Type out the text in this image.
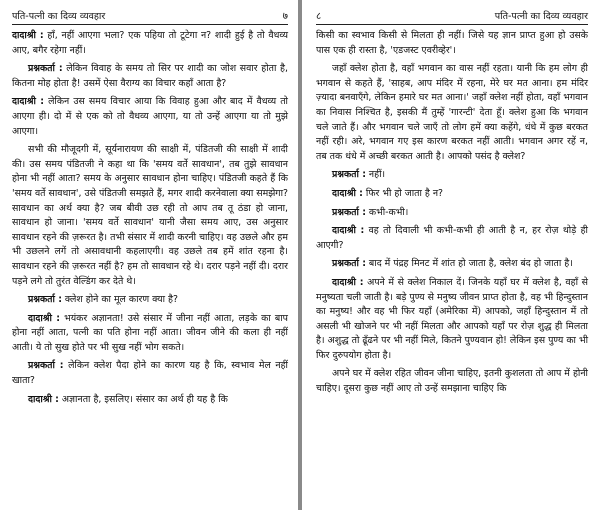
पति-पत्नी का दिव्य व्यवहार	७

दादाश्री : हाँ, नहीं आएगा भला? एक पहिया तो टूटेगा न? शादी हुई है तो वैधव्य आए, बगैर रहेगा नहीं।

प्रश्नकर्ता : लेकिन विवाह के समय तो सिर पर शादी का जोश सवार होता है, कितना मोह होता है! उसमें ऐसा वैराग्य का विचार कहाँ आता है?

दादाश्री : लेकिन उस समय विचार आया कि विवाह हुआ और बाद में वैधव्य तो आएगा ही। दो में से एक को तो वैधव्य आएगा, या तो उन्हें आएगा या तो मुझे आएगा।

सभी की मौजूदगी में, सूर्यनारायण की साक्षी में, पंडितजी की साक्षी में शादी की। उस समय पंडितजी ने कहा था कि 'समय वर्ते सावधान', तब तुझे सावधान होना भी नहीं आता? समय के अनुसार सावधान होना चाहिए। पंडितजी कहते हैं कि 'समय वर्ते सावधान', उसे पंडितजी समझते हैं, मगर शादी करनेवाला क्या समझेगा? सावधान का अर्थ क्या है? जब बीवी उछ रही तो आप तब तू ठंडा हो जाना, सावधान हो जाना। 'समय वर्ते सावधान' यानी जैसा समय आए, उस अनुसार सावधान रहने की ज़रूरत है। तभी संसार में शादी करनी चाहिए। वह उछले और हम भी उछलने लगें तो असावधानी कहलाएगी। वह उछले तब हमें शांत रहना है। सावधान रहने की ज़रूरत नहीं है? हम तो सावधान रहे थे। दरार पड़ने नहीं दी। दरार पड़ने लगे तो तुरंत वेल्डिंग कर देते थे।

प्रश्नकर्ता : क्लेश होने का मूल कारण क्या है?

दादाश्री : भयंकर अज्ञानता! उसे संसार में जीना नहीं आता, लड़के का बाप होना नहीं आता, पत्नी का पति होना नहीं आता। जीवन जीने की कला ही नहीं आती। ये तो सुख होते पर भी सुख नहीं भोग सकते।

प्रश्नकर्ता : लेकिन क्लेश पैदा होने का कारण यह है कि, स्वभाव मेल नहीं खाता?

दादाश्री : अज्ञानता है, इसलिए। संसार का अर्थ ही यह है कि

८	पति-पत्नी का दिव्य व्यवहार

किसी का स्वभाव किसी से मिलता ही नहीं। जिसे यह ज्ञान प्राप्त हुआ हो उसके पास एक ही रास्ता है, 'एडजस्ट एवरीव्हेर'।

जहाँ क्लेश होता है, वहाँ भगवान का वास नहीं रहता। यानी कि हम लोग ही भगवान से कहते हैं, 'साहब, आप मंदिर में रहना, मेरे घर मत आना। हम मंदिर ज़्यादा बनवाएँगे, लेकिन हमारे घर मत आना।' जहाँ क्लेश नहीं होता, वहाँ भगवान का निवास निश्चित है, इसकी मैं तुम्हें 'गारन्टी' देता हूँ। क्लेश हुआ कि भगवान चले जाते हैं। और भगवान चले जाएँ तो लोग हमें क्या कहेंगे, धंधे में कुछ बरकत नहीं रही। अरे, भगवान गए इस कारण बरकत नहीं आती। भगवान अगर रहें न, तब तक धंधे में अच्छी बरकत आती है। आपको पसंद है क्लेश?

प्रश्नकर्ता : नहीं।

दादाश्री : फिर भी हो जाता है न?

प्रश्नकर्ता : कभी-कभी।

दादाश्री : वह तो दिवाली भी कभी-कभी ही आती है न, हर रोज़ थोड़े ही आएगी?

प्रश्नकर्ता : बाद में पंद्रह मिनट में शांत हो जाता है, क्लेश बंद हो जाता है।

दादाश्री : अपने में से क्लेश निकाल दें। जिनके यहाँ घर में क्लेश है, वहाँ से मनुष्यता चली जाती है। बड़े पुण्य से मनुष्य जीवन प्राप्त होता है, वह भी हिन्दुस्तान का मनुष्य! और वह भी फिर यहाँ (अमेरिका में) आपको, जहाँ हिन्दुस्तान में तो असली भी खोजने पर भी नहीं मिलता और आपको यहाँ पर रोज़ शुद्ध ही मिलता है। अशुद्ध तो ढूँढने पर भी नहीं मिले, कितने पुण्यवान हो! लेकिन इस पुण्य का भी फिर दुरुपयोग होता है।

अपने घर में क्लेश रहित जीवन जीना चाहिए, इतनी कुशलता तो आप में होनी चाहिए। दूसरा कुछ नहीं आए तो उन्हें समझाना चाहिए कि
